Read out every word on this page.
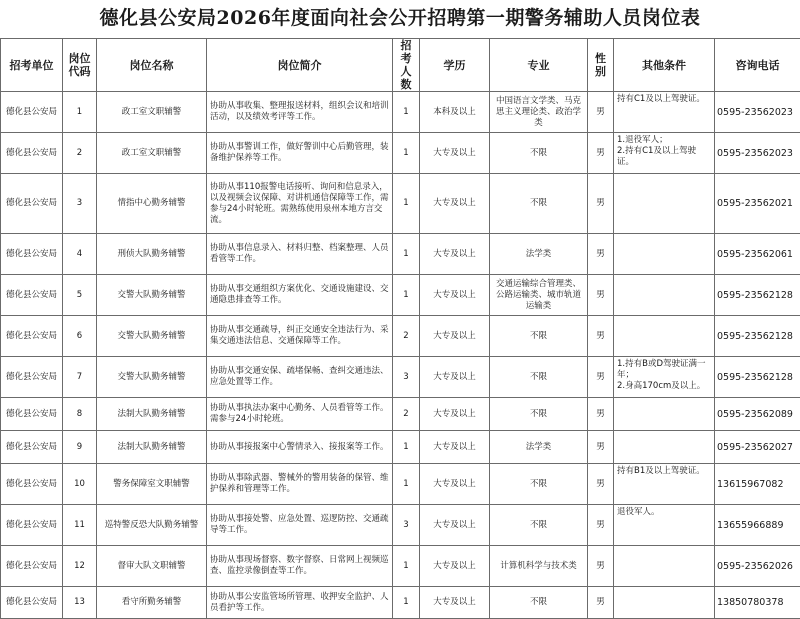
德化县公安局2026年度面向社会公开招聘第一期警务辅助人员岗位表
招考单位	岗位代码	岗位名称	岗位简介	招考人数	学历	专业	性别	其他条件	咨询电话
德化县公安局	1	政工室文职辅警	协助从事收集、整理报送材料，组织会议和培训活动，以及绩效考评等工作。	1	本科及以上	中国语言文学类、马克思主义理论类、政治学类	男	持有C1及以上驾驶证。	0595-23562023
德化县公安局	2	政工室文职辅警	协助从事警训工作，做好警训中心后勤管理，装备维护保养等工作。	1	大专及以上	不限	男	1.退役军人；
2.持有C1及以上驾驶证。	0595-23562023
德化县公安局	3	情指中心勤务辅警	协助从事110报警电话接听、询问和信息录入，以及视频会议保障、对讲机通信保障等工作，需参与24小时轮班。需熟练使用泉州本地方言交流。	1	大专及以上	不限	男		0595-23562021
德化县公安局	4	刑侦大队勤务辅警	协助从事信息录入、材料归整、档案整理、人员看管等工作。	1	大专及以上	法学类	男		0595-23562061
德化县公安局	5	交警大队勤务辅警	协助从事交通组织方案优化、交通设施建设、交通隐患排查等工作。	1	大专及以上	交通运输综合管理类、公路运输类、城市轨道运输类	男		0595-23562128
德化县公安局	6	交警大队勤务辅警	协助从事交通疏导，纠正交通安全违法行为、采集交通违法信息、交通保障等工作。	2	大专及以上	不限	男		0595-23562128
德化县公安局	7	交警大队勤务辅警	协助从事交通安保、疏堵保畅、查纠交通违法、应急处置等工作。	3	大专及以上	不限	男	1.持有B或D驾驶证满一年；
2.身高170cm及以上。	0595-23562128
德化县公安局	8	法制大队勤务辅警	协助从事执法办案中心勤务、人员看管等工作。需参与24小时轮班。	2	大专及以上	不限	男		0595-23562089
德化县公安局	9	法制大队勤务辅警	协助从事接报案中心警情录入、接报案等工作。	1	大专及以上	法学类	男		0595-23562027
德化县公安局	10	警务保障室文职辅警	协助从事除武器、警械外的警用装备的保管、维护保养和管理等工作。	1	大专及以上	不限	男	持有B1及以上驾驶证。	13615967082
德化县公安局	11	巡特警反恐大队勤务辅警	协助从事接处警、应急处置、巡逻防控、交通疏导等工作。	3	大专及以上	不限	男	退役军人。	13655966889
德化县公安局	12	督审大队文职辅警	协助从事现场督察、数字督察、日常网上视频巡查、监控录像倒查等工作。	1	大专及以上	计算机科学与技术类	男		0595-23562026
德化县公安局	13	看守所勤务辅警	协助从事公安监管场所管理、收押安全监护、人员看护等工作。	1	大专及以上	不限	男		13850780378
